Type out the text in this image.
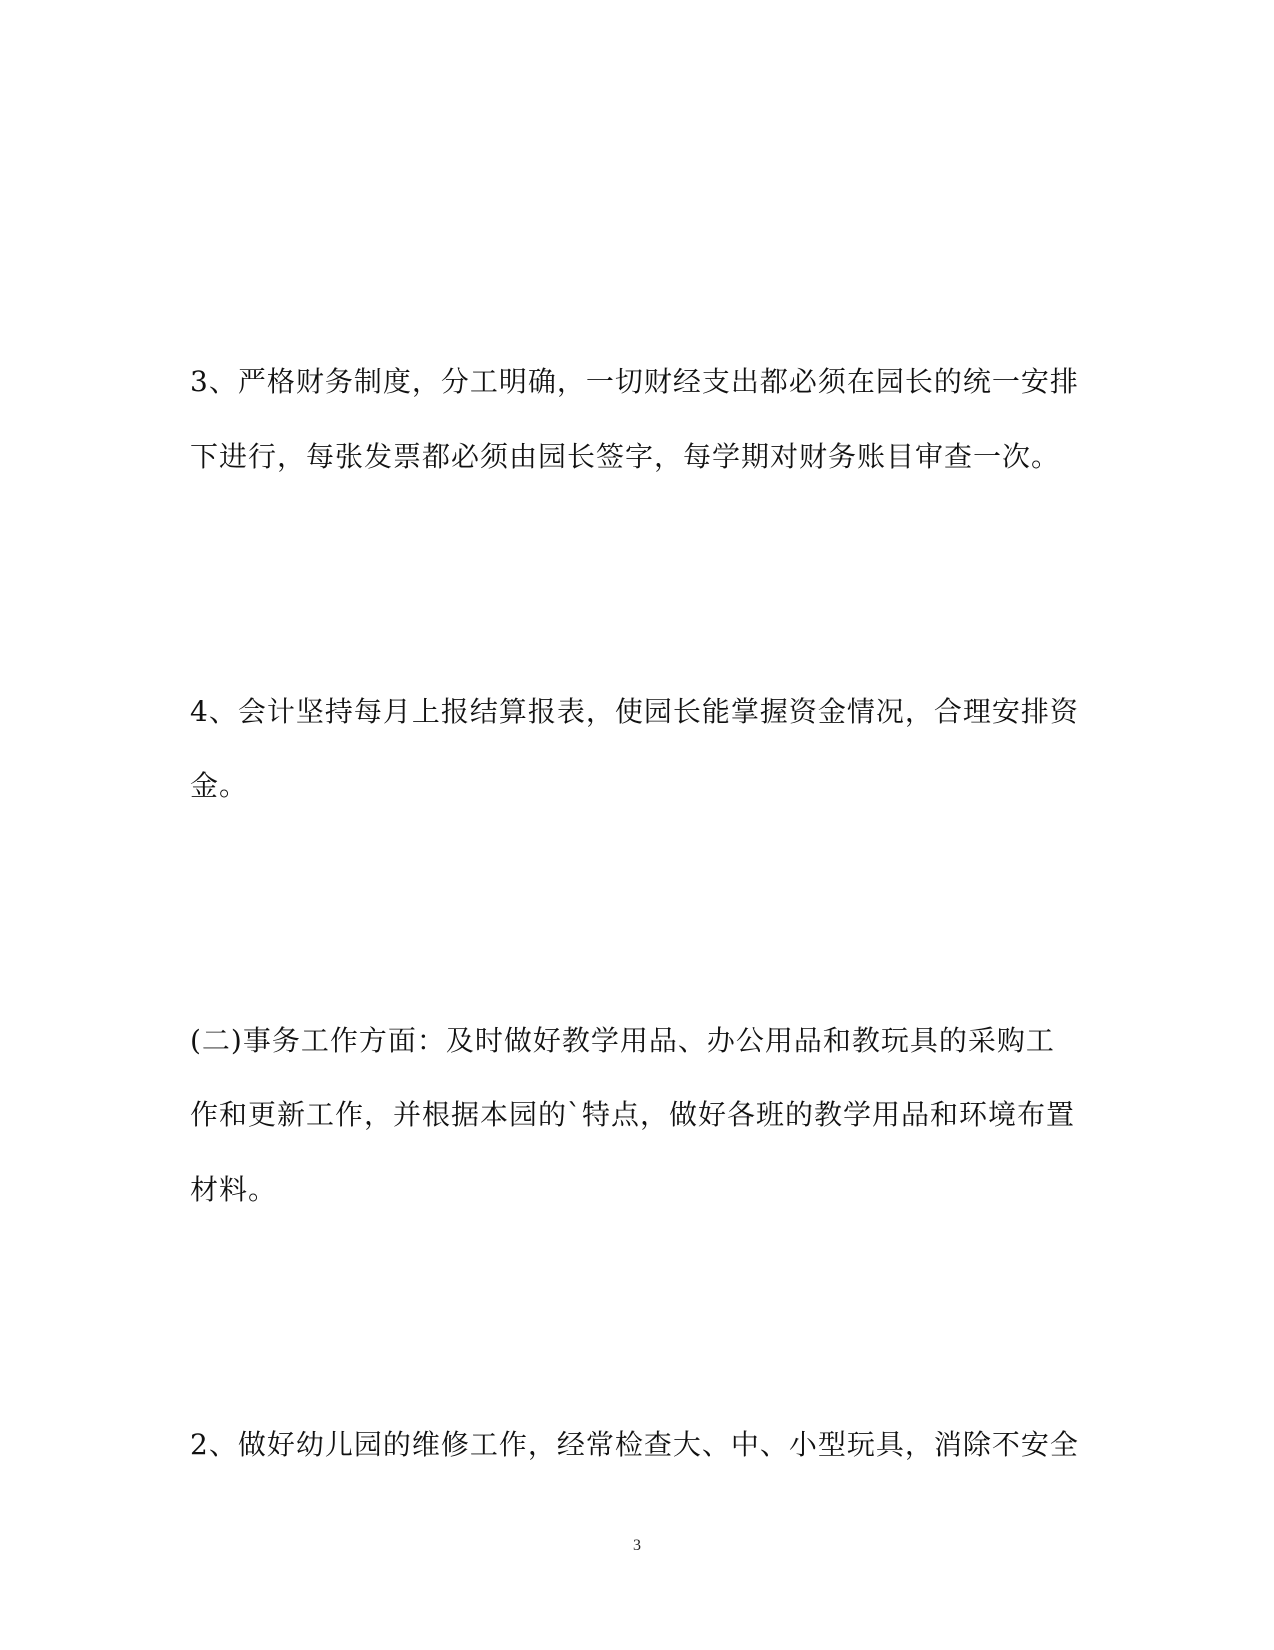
3、严格财务制度，分工明确，一切财经支出都必须在园长的统一安排
下进行，每张发票都必须由园长签字，每学期对财务账目审查一次。
4、会计坚持每月上报结算报表，使园长能掌握资金情况，合理安排资
金。
(二)事务工作方面：及时做好教学用品、办公用品和教玩具的采购工
作和更新工作，并根据本园的`特点，做好各班的教学用品和环境布置
材料。
2、做好幼儿园的维修工作，经常检查大、中、小型玩具，消除不安全
3
